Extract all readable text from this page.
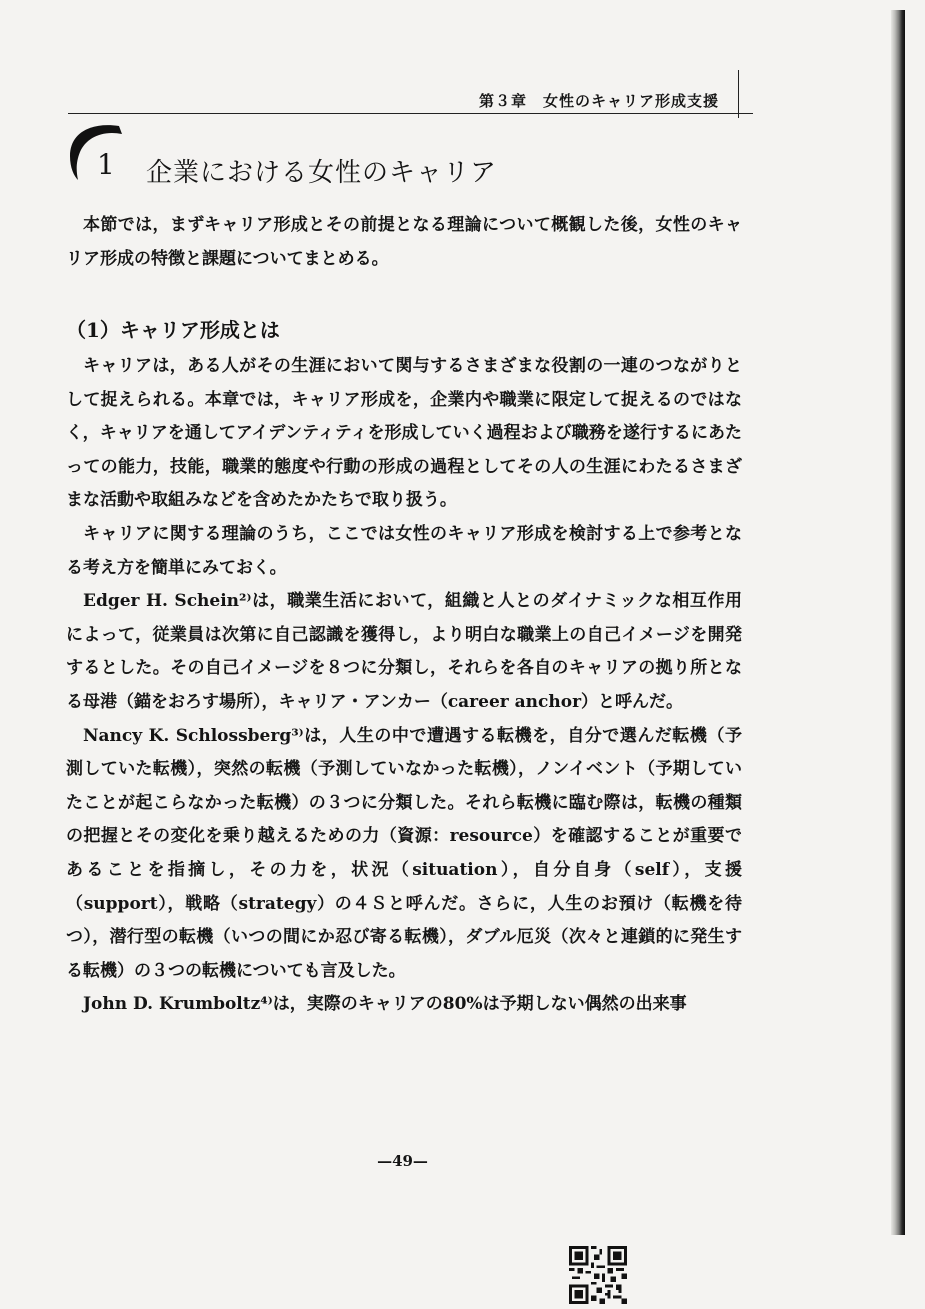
第３章　女性のキャリア形成支援
1 企業における女性のキャリア

本節では，まずキャリア形成とその前提となる理論について概観した後，女性のキャリア形成の特徴と課題についてまとめる。

（1）キャリア形成とは

キャリアは，ある人がその生涯において関与するさまざまな役割の一連のつながりとして捉えられる。本章では，キャリア形成を，企業内や職業に限定して捉えるのではなく，キャリアを通してアイデンティティを形成していく過程および職務を遂行するにあたっての能力，技能，職業的態度や行動の形成の過程としてその人の生涯にわたるさまざまな活動や取組みなどを含めたかたちで取り扱う。

キャリアに関する理論のうち，ここでは女性のキャリア形成を検討する上で参考となる考え方を簡単にみておく。

Edger H. Schein²⁾は，職業生活において，組織と人とのダイナミックな相互作用によって，従業員は次第に自己認識を獲得し，より明白な職業上の自己イメージを開発するとした。その自己イメージを８つに分類し，それらを各自のキャリアの拠り所となる母港（錨をおろす場所），キャリア・アンカー（career anchor）と呼んだ。

Nancy K. Schlossberg³⁾は，人生の中で遭遇する転機を，自分で選んだ転機（予測していた転機），突然の転機（予測していなかった転機），ノンイベント（予期していたことが起こらなかった転機）の３つに分類した。それら転機に臨む際は，転機の種類の把握とその変化を乗り越えるための力（資源：resource）を確認することが重要であることを指摘し，その力を，状況（situation），自分自身（self），支援（support），戦略（strategy）の４Ｓと呼んだ。さらに，人生のお預け（転機を待つ），潜行型の転機（いつの間にか忍び寄る転機），ダブル厄災（次々と連鎖的に発生する転機）の３つの転機についても言及した。

John D. Krumboltz⁴⁾は，実際のキャリアの80%は予期しない偶然の出来事

—49—
